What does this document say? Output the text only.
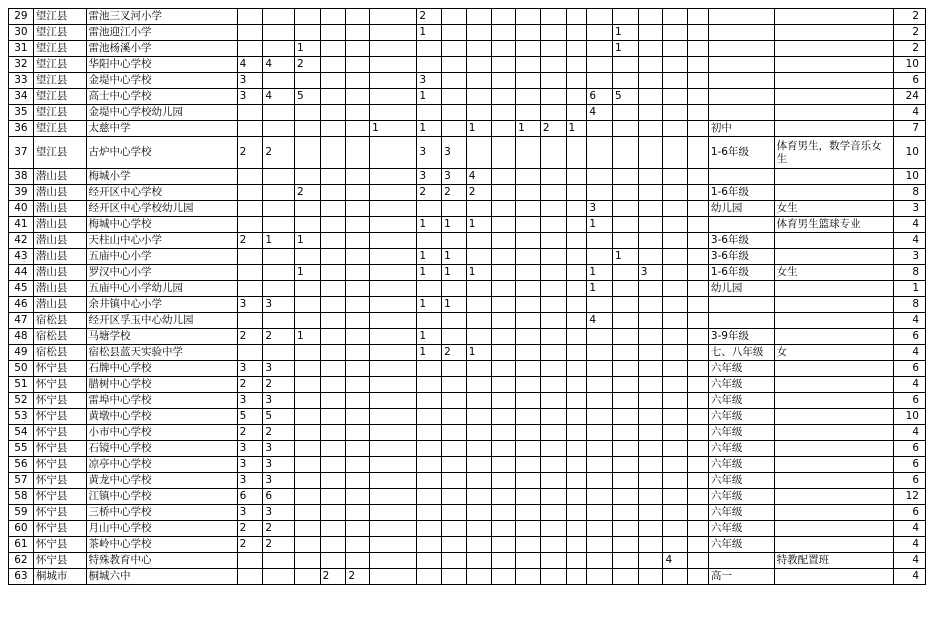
29	望江县	雷池三叉河小学							2														2
30	望江县	雷池迎江小学							1								1						2
31	望江县	雷池杨溪小学			1												1						2
32	望江县	华阳中心学校	4	4	2																		10
33	望江县	金堤中心学校	3						3														6
34	望江县	高士中心学校	3	4	5				1							6	5						24
35	望江县	金堤中心学校幼儿园														4							4
36	望江县	太慈中学						1	1		1		1	2	1						初中		7
37	望江县	古炉中心学校	2	2					3	3											1-6年级	体育男生，数学音乐女生	10
38	潜山县	梅城小学							3	3	4												10
39	潜山县	经开区中心学校			2				2	2	2										1-6年级		8
40	潜山县	经开区中心学校幼儿园														3					幼儿园	女生	3
41	潜山县	梅城中心学校							1	1	1					1						体育男生篮球专业	4
42	潜山县	天柱山中心小学	2	1	1																3-6年级		4
43	潜山县	五庙中心小学							1	1							1				3-6年级		3
44	潜山县	罗汉中心小学			1				1	1	1					1		3			1-6年级	女生	8
45	潜山县	五庙中心小学幼儿园														1					幼儿园		1
46	潜山县	余井镇中心小学	3	3					1	1													8
47	宿松县	经开区孚玉中心幼儿园														4							4
48	宿松县	马塘学校	2	2	1				1												3-9年级		6
49	宿松县	宿松县蓝天实验中学							1	2	1										七、八年级	女	4
50	怀宁县	石牌中心学校	3	3																	六年级		6
51	怀宁县	腊树中心学校	2	2																	六年级		4
52	怀宁县	雷埠中心学校	3	3																	六年级		6
53	怀宁县	黄墩中心学校	5	5																	六年级		10
54	怀宁县	小市中心学校	2	2																	六年级		4
55	怀宁县	石镜中心学校	3	3																	六年级		6
56	怀宁县	凉亭中心学校	3	3																	六年级		6
57	怀宁县	黄龙中心学校	3	3																	六年级		6
58	怀宁县	江镇中心学校	6	6																	六年级		12
59	怀宁县	三桥中心学校	3	3																	六年级		6
60	怀宁县	月山中心学校	2	2																	六年级		4
61	怀宁县	茶岭中心学校	2	2																	六年级		4
62	怀宁县	特殊教育中心																	4			特教配置班	4
63	桐城市	桐城六中				2	2														高一		4
